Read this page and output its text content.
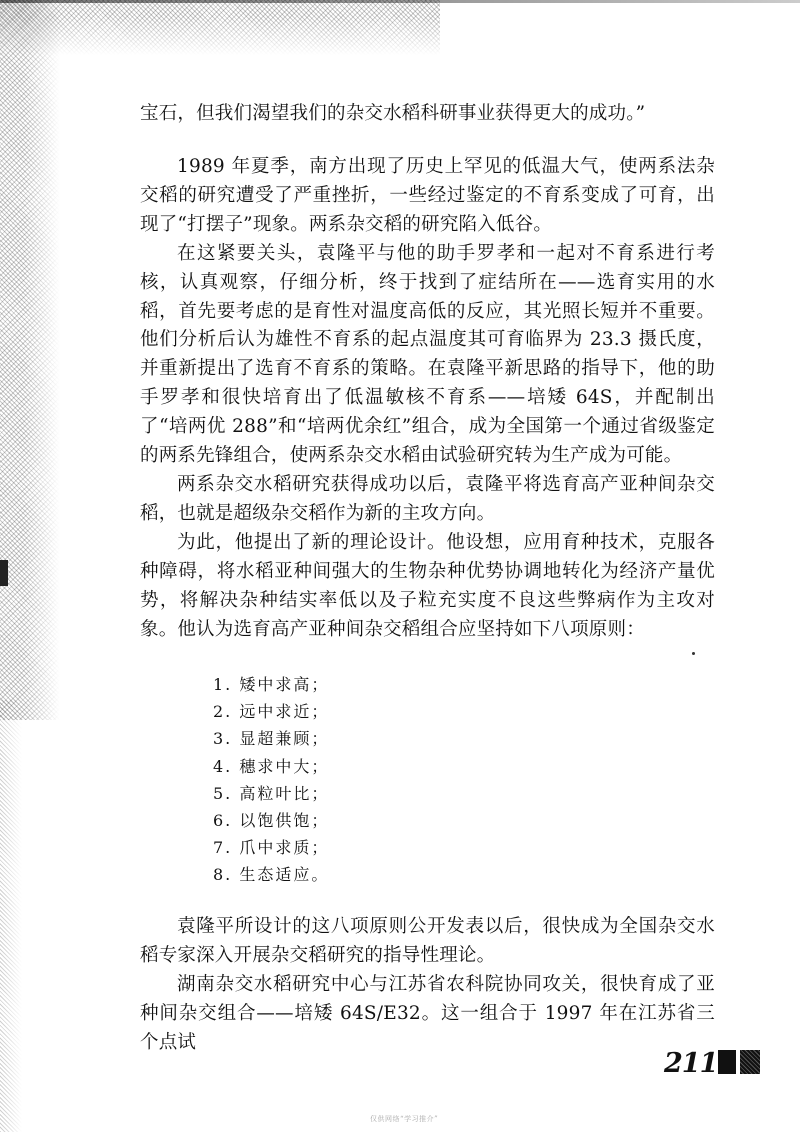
宝石，但我们渴望我们的杂交水稻科研事业获得更大的成功。”

1989 年夏季，南方出现了历史上罕见的低温大气，使两系法杂交稻的研究遭受了严重挫折，一些经过鉴定的不育系变成了可育，出现了“打摆子”现象。两系杂交稻的研究陷入低谷。

在这紧要关头，袁隆平与他的助手罗孝和一起对不育系进行考核，认真观察，仔细分析，终于找到了症结所在——选育实用的水稻，首先要考虑的是育性对温度高低的反应，其光照长短并不重要。他们分析后认为雄性不育系的起点温度其可育临界为 23.3 摄氏度，并重新提出了选育不育系的策略。在袁隆平新思路的指导下，他的助手罗孝和很快培育出了低温敏核不育系——培矮 64S，并配制出了“培两优 288”和“培两优余红”组合，成为全国第一个通过省级鉴定的两系先锋组合，使两系杂交水稻由试验研究转为生产成为可能。

两系杂交水稻研究获得成功以后，袁隆平将选育高产亚种间杂交稻，也就是超级杂交稻作为新的主攻方向。

为此，他提出了新的理论设计。他设想，应用育种技术，克服各种障碍，将水稻亚种间强大的生物杂种优势协调地转化为经济产量优势，将解决杂种结实率低以及子粒充实度不良这些弊病作为主攻对象。他认为选育高产亚种间杂交稻组合应坚持如下八项原则：

1. 矮中求高；
2. 远中求近；
3. 显超兼顾；
4. 穗求中大；
5. 高粒叶比；
6. 以饱供饱；
7. 爪中求质；
8. 生态适应。

袁隆平所设计的这八项原则公开发表以后，很快成为全国杂交水稻专家深入开展杂交稻研究的指导性理论。

湖南杂交水稻研究中心与江苏省农科院协同攻关，很快育成了亚种间杂交组合——培矮 64S/E32。这一组合于 1997 年在江苏省三个点试

211
仅供网络“学习推介”
